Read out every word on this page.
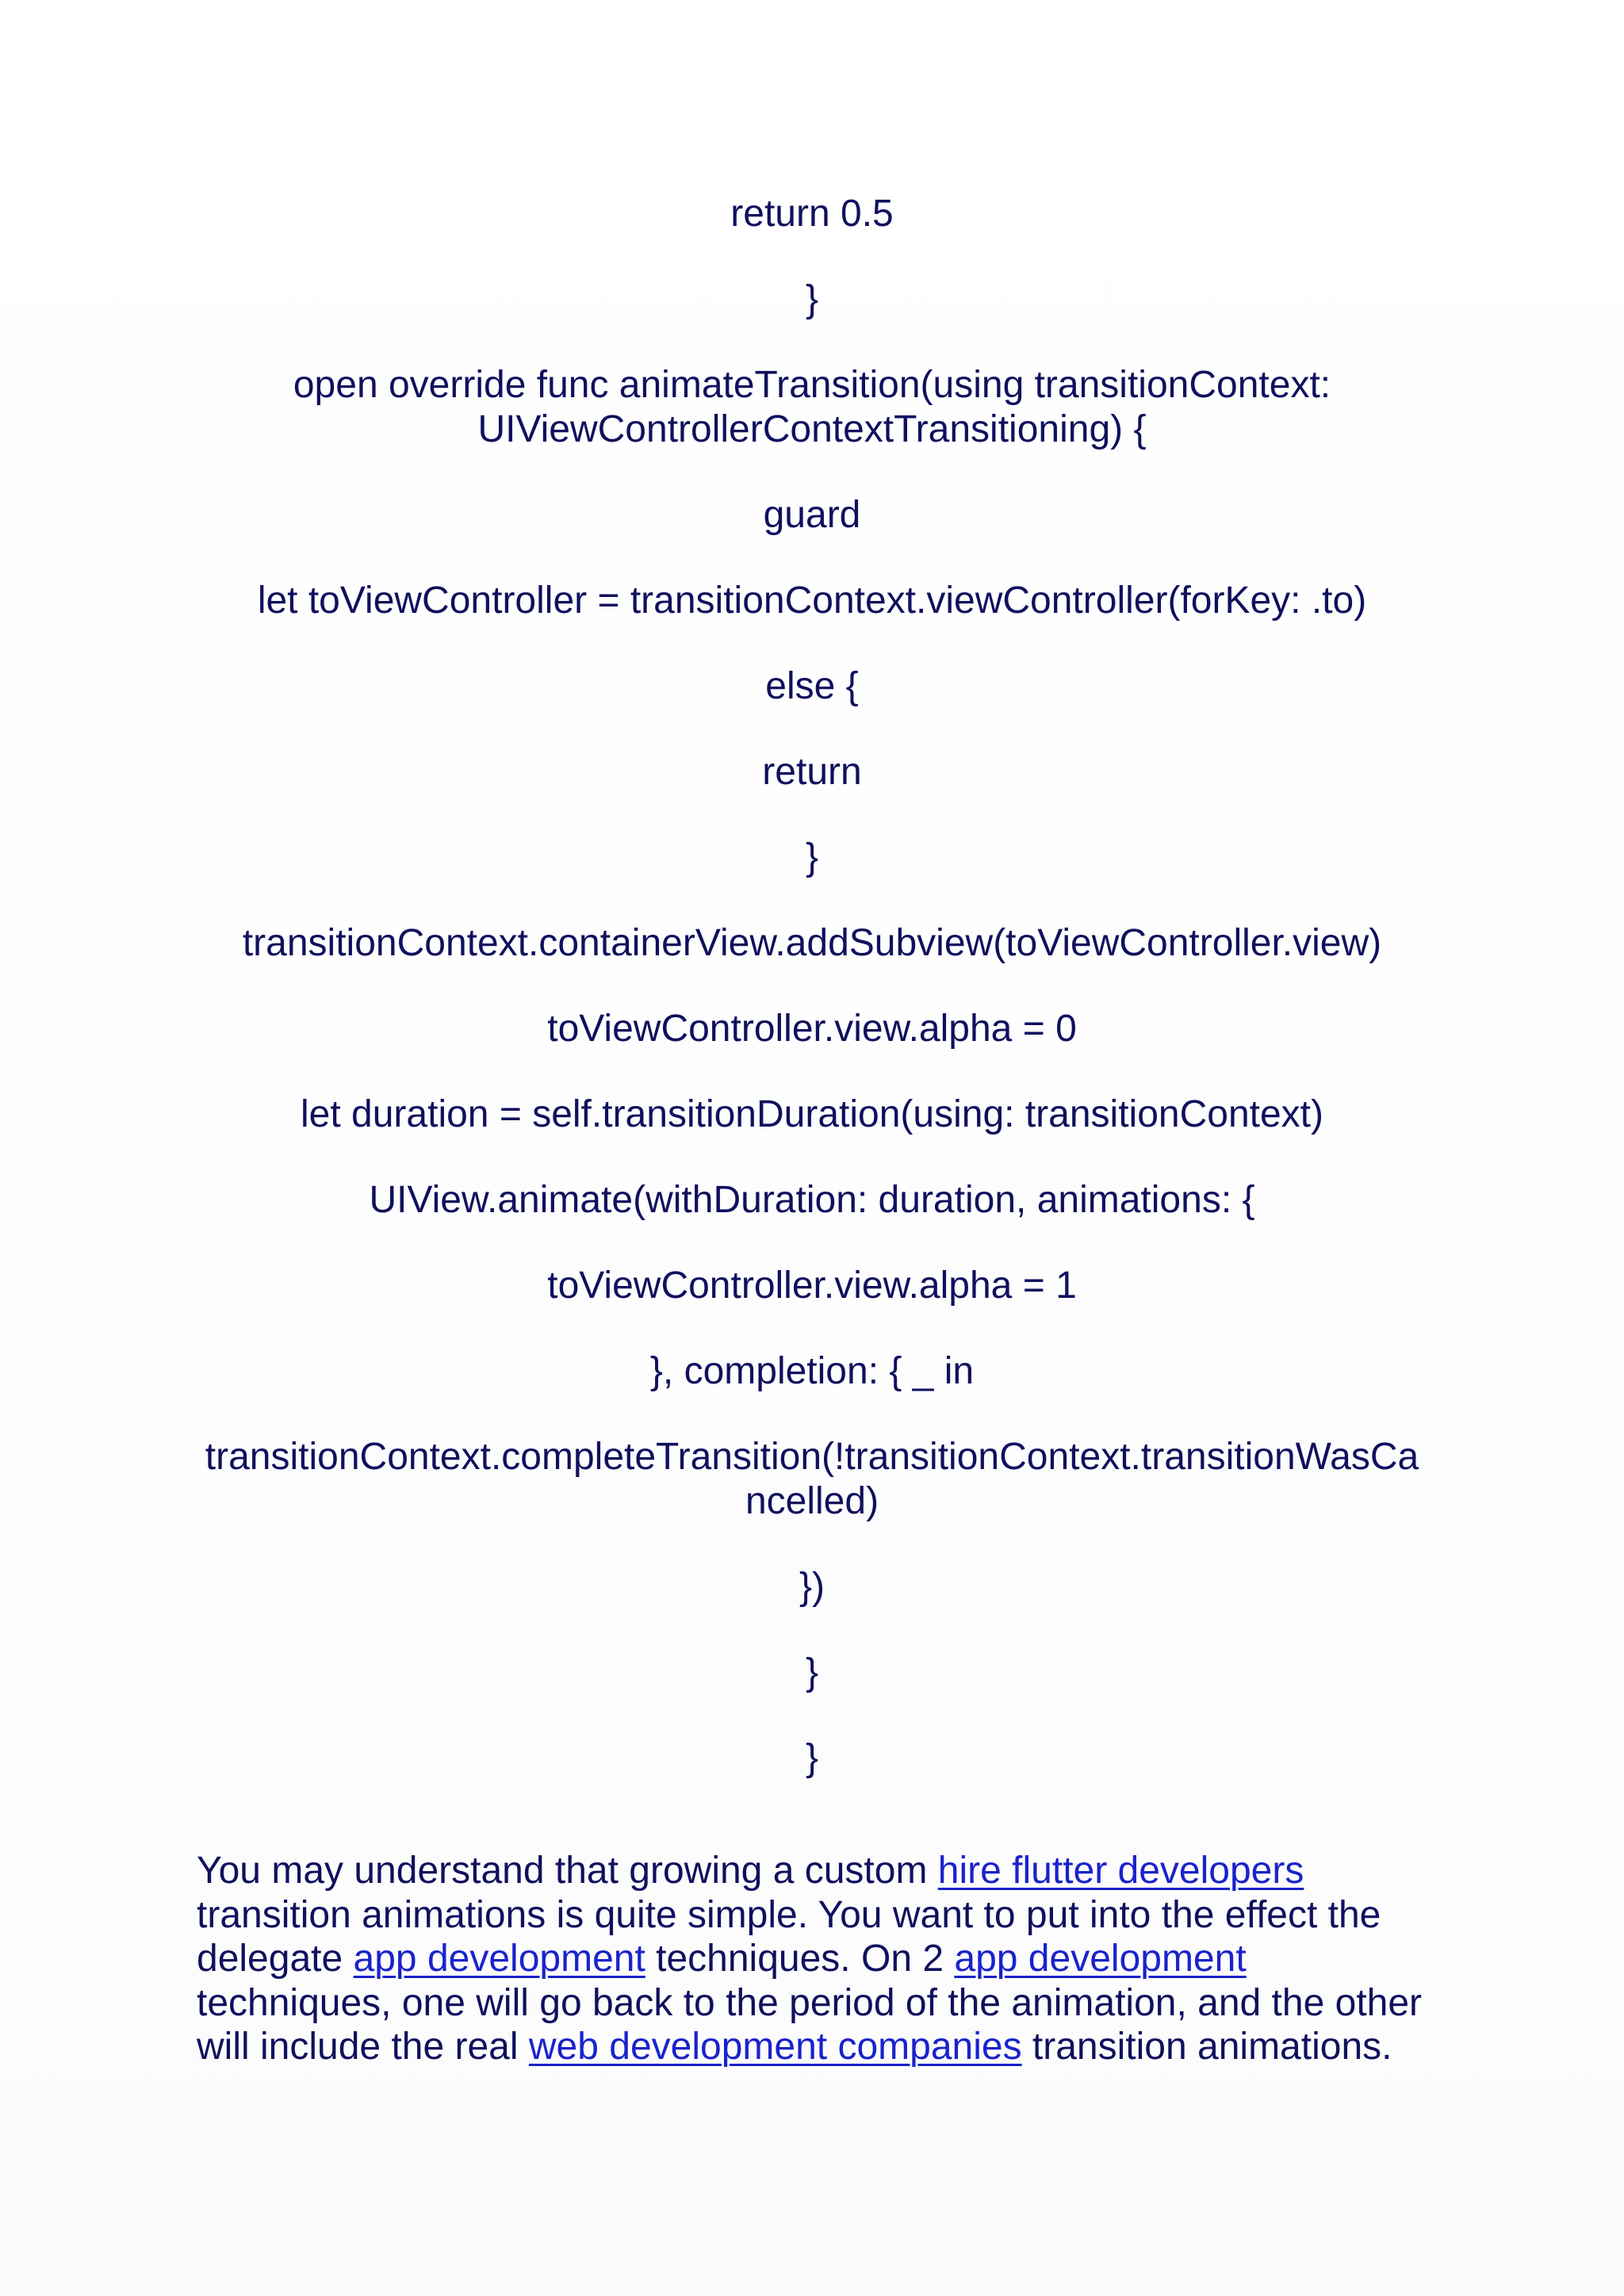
return 0.5
}
open override func animateTransition(using transitionContext: UIViewControllerContextTransitioning) {
guard
let toViewController = transitionContext.viewController(forKey: .to)
else {
return
}
transitionContext.containerView.addSubview(toViewController.view)
toViewController.view.alpha = 0
let duration = self.transitionDuration(using: transitionContext)
UIView.animate(withDuration: duration, animations: {
toViewController.view.alpha = 1
}, completion: { _ in
transitionContext.completeTransition(!transitionContext.transitionWasCancelled)
})
}
}

You may understand that growing a custom hire flutter developers transition animations is quite simple. You want to put into the effect the delegate app development techniques. On 2 app development techniques, one will go back to the period of the animation, and the other will include the real web development companies transition animations.
